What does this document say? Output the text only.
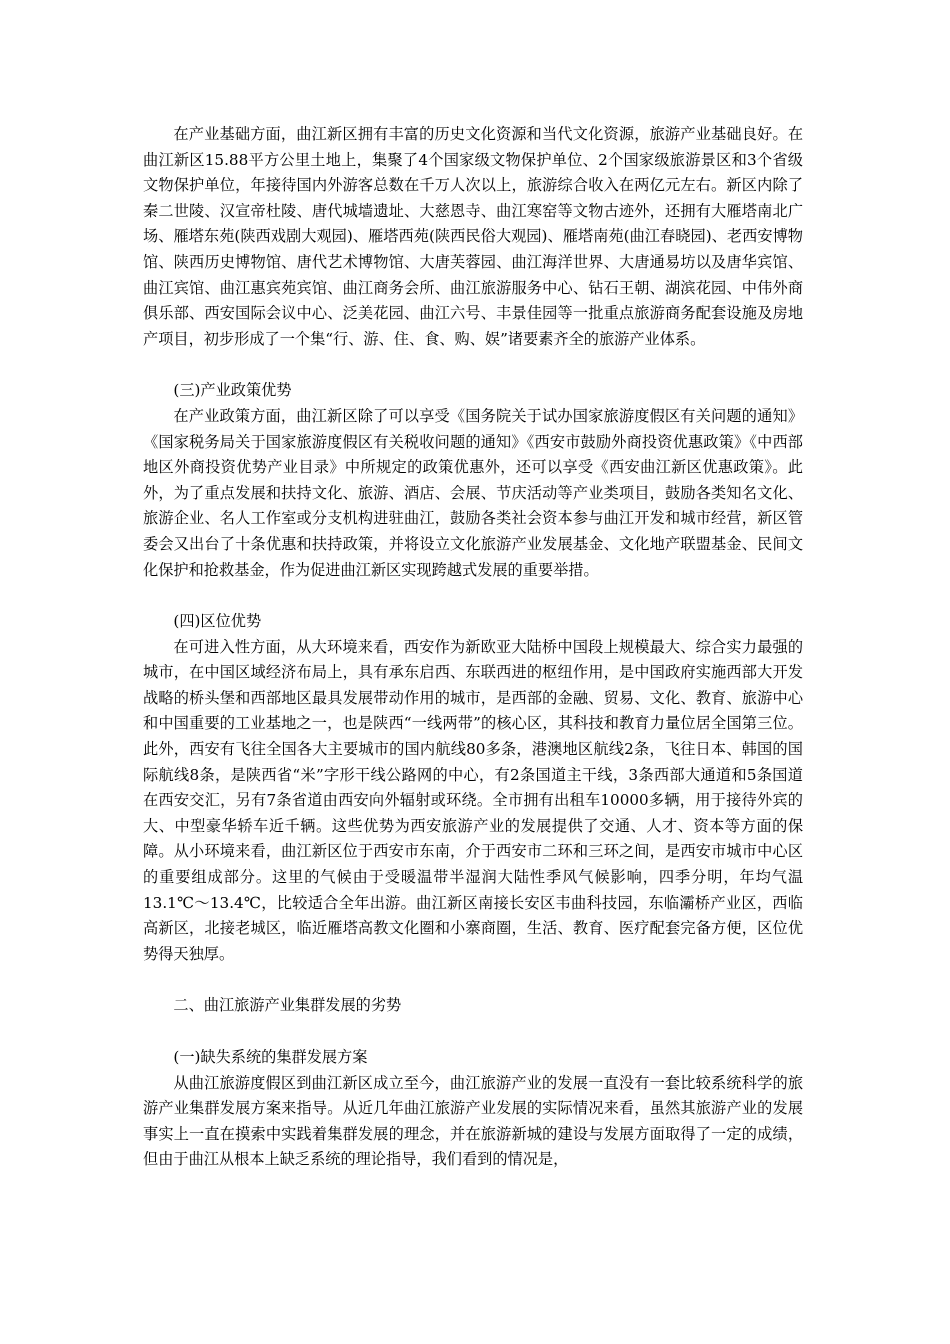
在产业基础方面，曲江新区拥有丰富的历史文化资源和当代文化资源，旅游产业基础良好。在曲江新区15.88平方公里土地上，集聚了4个国家级文物保护单位、2个国家级旅游景区和3个省级文物保护单位，年接待国内外游客总数在千万人次以上，旅游综合收入在两亿元左右。新区内除了秦二世陵、汉宣帝杜陵、唐代城墙遗址、大慈恩寺、曲江寒窑等文物古迹外，还拥有大雁塔南北广场、雁塔东苑(陕西戏剧大观园)、雁塔西苑(陕西民俗大观园)、雁塔南苑(曲江春晓园)、老西安博物馆、陕西历史博物馆、唐代艺术博物馆、大唐芙蓉园、曲江海洋世界、大唐通易坊以及唐华宾馆、曲江宾馆、曲江惠宾苑宾馆、曲江商务会所、曲江旅游服务中心、钻石王朝、湖滨花园、中伟外商俱乐部、西安国际会议中心、泛美花园、曲江六号、丰景佳园等一批重点旅游商务配套设施及房地产项目，初步形成了一个集“行、游、住、食、购、娱”诸要素齐全的旅游产业体系。

(三)产业政策优势

在产业政策方面，曲江新区除了可以享受《国务院关于试办国家旅游度假区有关问题的通知》《国家税务局关于国家旅游度假区有关税收问题的通知》《西安市鼓励外商投资优惠政策》《中西部地区外商投资优势产业目录》中所规定的政策优惠外，还可以享受《西安曲江新区优惠政策》。此外，为了重点发展和扶持文化、旅游、酒店、会展、节庆活动等产业类项目，鼓励各类知名文化、旅游企业、名人工作室或分支机构进驻曲江，鼓励各类社会资本参与曲江开发和城市经营，新区管委会又出台了十条优惠和扶持政策，并将设立文化旅游产业发展基金、文化地产联盟基金、民间文化保护和抢救基金，作为促进曲江新区实现跨越式发展的重要举措。

(四)区位优势

在可进入性方面，从大环境来看，西安作为新欧亚大陆桥中国段上规模最大、综合实力最强的城市，在中国区域经济布局上，具有承东启西、东联西进的枢纽作用，是中国政府实施西部大开发战略的桥头堡和西部地区最具发展带动作用的城市，是西部的金融、贸易、文化、教育、旅游中心和中国重要的工业基地之一，也是陕西“一线两带”的核心区，其科技和教育力量位居全国第三位。此外，西安有飞往全国各大主要城市的国内航线80多条，港澳地区航线2条，飞往日本、韩国的国际航线8条，是陕西省“米”字形干线公路网的中心，有2条国道主干线，3条西部大通道和5条国道在西安交汇，另有7条省道由西安向外辐射或环绕。全市拥有出租车10000多辆，用于接待外宾的大、中型豪华轿车近千辆。这些优势为西安旅游产业的发展提供了交通、人才、资本等方面的保障。从小环境来看，曲江新区位于西安市东南，介于西安市二环和三环之间，是西安市城市中心区的重要组成部分。这里的气候由于受暖温带半湿润大陆性季风气候影响，四季分明，年均气温13.1℃～13.4℃，比较适合全年出游。曲江新区南接长安区韦曲科技园，东临灞桥产业区，西临高新区，北接老城区，临近雁塔高教文化圈和小寨商圈，生活、教育、医疗配套完备方便，区位优势得天独厚。

二、曲江旅游产业集群发展的劣势

(一)缺失系统的集群发展方案

从曲江旅游度假区到曲江新区成立至今，曲江旅游产业的发展一直没有一套比较系统科学的旅游产业集群发展方案来指导。从近几年曲江旅游产业发展的实际情况来看，虽然其旅游产业的发展事实上一直在摸索中实践着集群发展的理念，并在旅游新城的建设与发展方面取得了一定的成绩，但由于曲江从根本上缺乏系统的理论指导，我们看到的情况是，
